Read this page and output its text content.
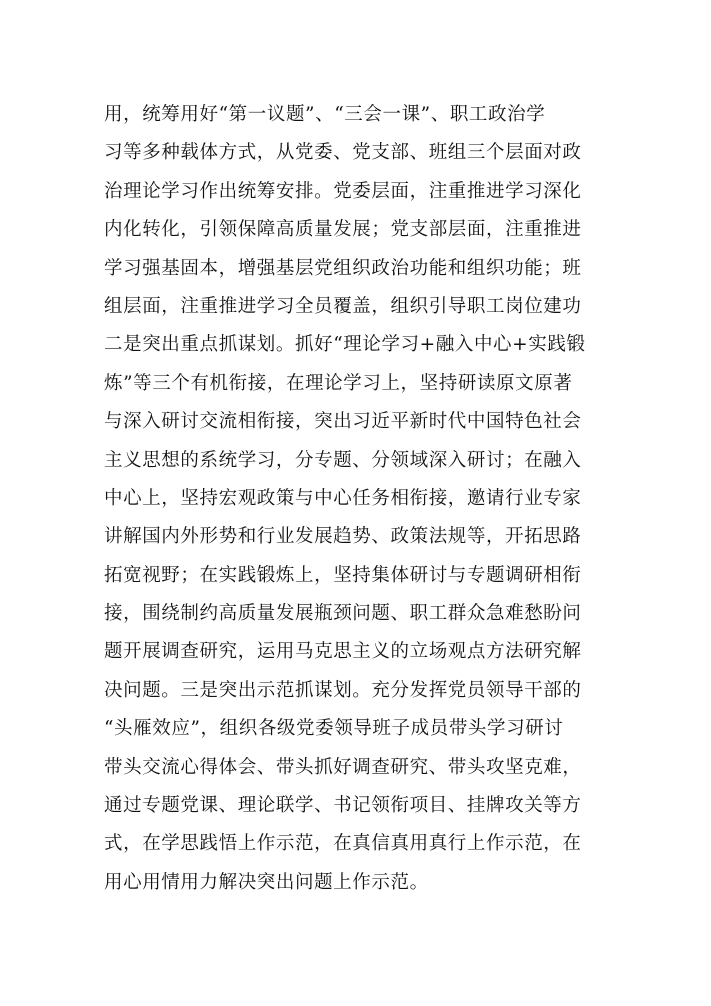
用，统筹用好“第一议题”、“三会一课”、职工政治学
习等多种载体方式，从党委、党支部、班组三个层面对政
治理论学习作出统筹安排。党委层面，注重推进学习深化
内化转化，引领保障高质量发展；党支部层面，注重推进
学习强基固本，增强基层党组织政治功能和组织功能；班
组层面，注重推进学习全员覆盖，组织引导职工岗位建功
二是突出重点抓谋划。抓好“理论学习+融入中心+实践锻
炼”等三个有机衔接，在理论学习上，坚持研读原文原著
与深入研讨交流相衔接，突出习近平新时代中国特色社会
主义思想的系统学习，分专题、分领域深入研讨；在融入
中心上，坚持宏观政策与中心任务相衔接，邀请行业专家
讲解国内外形势和行业发展趋势、政策法规等，开拓思路
拓宽视野；在实践锻炼上，坚持集体研讨与专题调研相衔
接，围绕制约高质量发展瓶颈问题、职工群众急难愁盼问
题开展调查研究，运用马克思主义的立场观点方法研究解
决问题。三是突出示范抓谋划。充分发挥党员领导干部的
“头雁效应”，组织各级党委领导班子成员带头学习研讨
带头交流心得体会、带头抓好调查研究、带头攻坚克难，
通过专题党课、理论联学、书记领衔项目、挂牌攻关等方
式，在学思践悟上作示范，在真信真用真行上作示范，在
用心用情用力解决突出问题上作示范。
